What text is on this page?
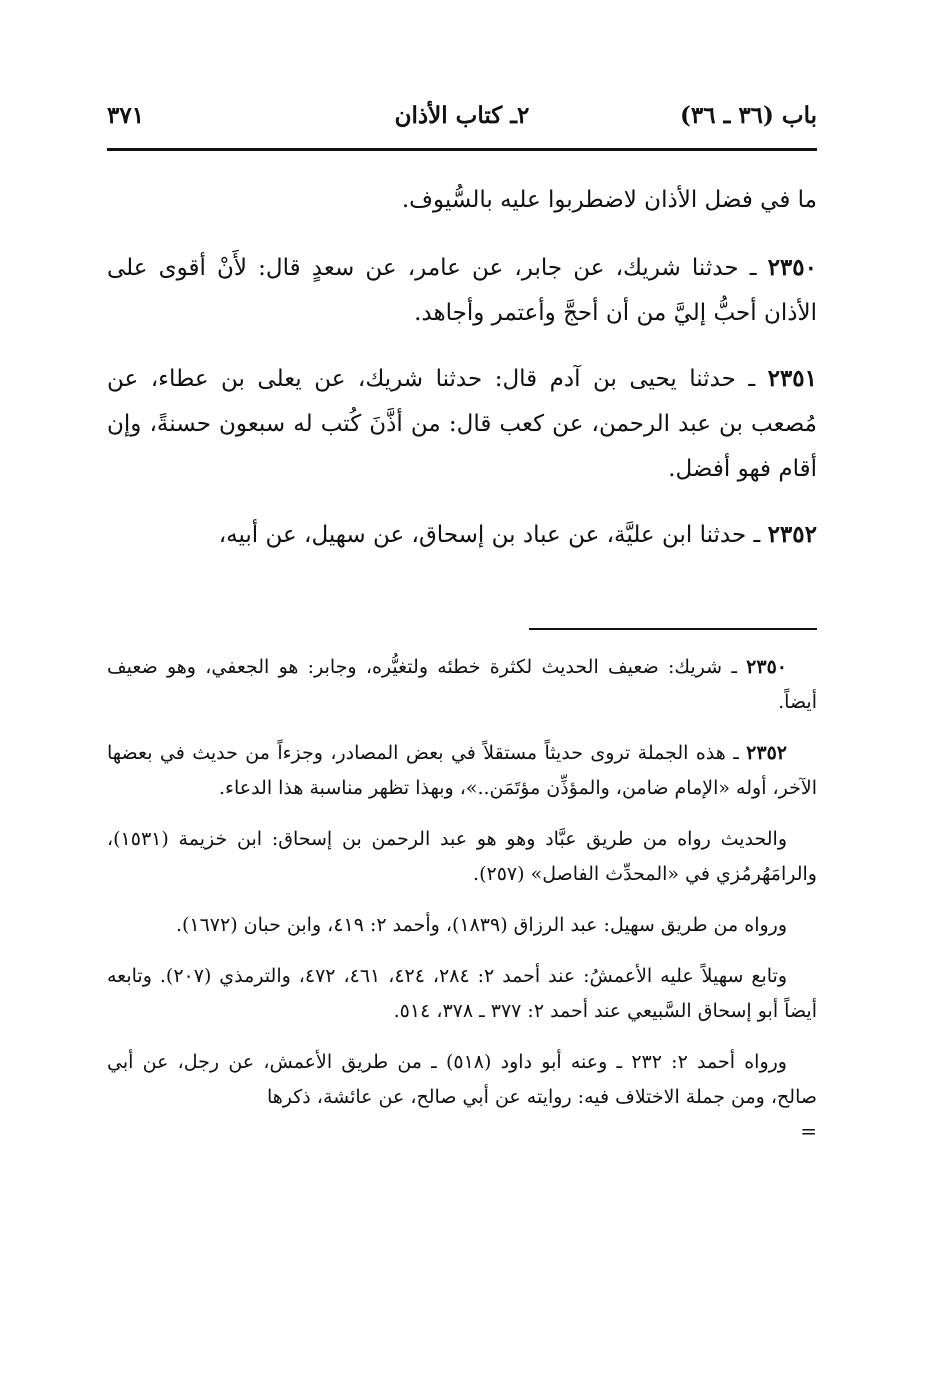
باب (٣٦ ـ ٣٦)
٢ـ كتاب الأذان
٣٧١

ما في فضل الأذان لاضطربوا عليه بالسُّيوف.

٢٣٥٠ ـ حدثنا شريك، عن جابر، عن عامر، عن سعدٍ قال: لأَنْ أقوى على الأذان أحبُّ إليَّ من أن أحجَّ وأعتمر وأجاهد.

٢٣٥١ ـ حدثنا يحيى بن آدم قال: حدثنا شريك، عن يعلى بن عطاء، عن مُصعب بن عبد الرحمن، عن كعب قال: من أذَّنَ كُتب له سبعون حسنةً، وإن أقام فهو أفضل.

٢٣٥٢ ـ حدثنا ابن عليَّة، عن عباد بن إسحاق، عن سهيل، عن أبيه،

٢٣٥٠ ـ شريك: ضعيف الحديث لكثرة خطئه ولتغيُّره، وجابر: هو الجعفي، وهو ضعيف أيضاً.

٢٣٥٢ ـ هذه الجملة تروى حديثاً مستقلاً في بعض المصادر، وجزءاً من حديث في بعضها الآخر، أوله «الإمام ضامن، والمؤذِّن مؤتَمَن..»، وبهذا تظهر مناسبة هذا الدعاء.

والحديث رواه من طريق عبَّاد وهو هو عبد الرحمن بن إسحاق: ابن خزيمة (١٥٣١)، والرامَهُرمُزي في «المحدِّث الفاصل» (٢٥٧).

ورواه من طريق سهيل: عبد الرزاق (١٨٣٩)، وأحمد ٢: ٤١٩، وابن حبان (١٦٧٢).

وتابع سهيلاً عليه الأعمشُ: عند أحمد ٢: ٢٨٤، ٤٢٤، ٤٦١، ٤٧٢، والترمذي (٢٠٧). وتابعه أيضاً أبو إسحاق السَّبيعي عند أحمد ٢: ٣٧٧ ـ ٣٧٨، ٥١٤.

ورواه أحمد ٢: ٢٣٢ ـ وعنه أبو داود (٥١٨) ـ من طريق الأعمش، عن رجل، عن أبي صالح، ومن جملة الاختلاف فيه: روايته عن أبي صالح، عن عائشة، ذكرها

=
